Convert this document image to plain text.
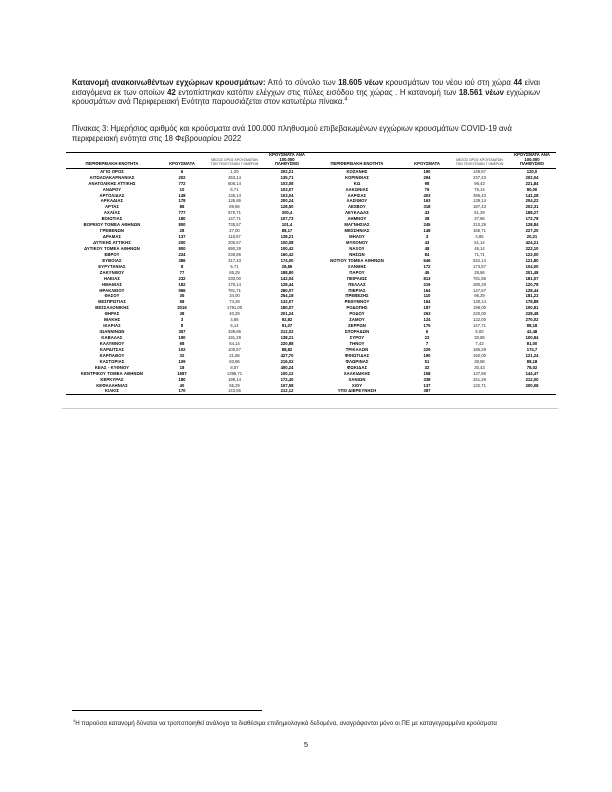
Κατανομή ανακοινωθέντων εγχώριων κρουσμάτων: Από το σύνολο των 18.605 νέων κρουσμάτων του νέου ιού στη χώρα 44 είναι εισαγόμενα εκ των οποίων 42 εντοπίστηκαν κατόπιν ελέγχων στις πύλες εισόδου της χώρας . Η κατανομή των 18.561 νέων εγχώριων κρουσμάτων ανά Περιφερειακή Ενότητα παρουσιάζεται στον κατωτέρω πίνακα.$^4$

Πίνακας 3: Ημερήσιος αριθμός και κρούσματα ανά 100.000 πληθυσμού επιβεβαιωμένων εγχώριων κρουσμάτων COVID-19 ανά περιφερειακή ενότητα στις 18 Φεβρουαρίου 2022

ΠΕΡΙΦΕΡΕΙΑΚΗ ΕΝΟΤΗΤΑ	ΚΡΟΥΣΜΑΤΑ	ΜΕΣΟΣ ΟΡΟΣ ΚΡΟΥΣΜΑΤΩΝ
ΤΩΝ ΤΕΛΕΥΤΑΙΩΝ 7 ΗΜΕΡΩΝ	ΚΡΟΥΣΜΑΤΑ ΑΝΑ 100.000
ΠΛΗΘΥΣΜΟ	ΠΕΡΙΦΕΡΕΙΑΚΗ ΕΝΟΤΗΤΑ	ΚΡΟΥΣΜΑΤΑ	ΜΕΣΟΣ ΟΡΟΣ ΚΡΟΥΣΜΑΤΩΝ
ΤΩΝ ΤΕΛΕΥΤΑΙΩΝ 7 ΗΜΕΡΩΝ	ΚΡΟΥΣΜΑΤΑ ΑΝΑ 100.000
ΠΛΗΘΥΣΜΟ
ΑΓΙΟ ΟΡΟΣ	6	1,29	202,21	ΚΟΖΑΝΗΣ	190	149,57	120,0
ΑΙΤΩΛΟΑΚΑΡΝΑΝΙΑΣ	202	263,14	135,71	ΚΟΡΙΝΘΙΑΣ	294	237,43	202,04
ΑΝΑΤΟΛΙΚΗΣ ΑΤΤΙΚΗΣ	772	608,14	103,08	ΚΩ	98	96,43	221,84
ΑΝΔΡΟΥ	10	6,71	103,07	ΛΑΚΩΝΙΑΣ	76	76,14	80,00
ΑΡΓΟΛΙΔΑΣ	148	135,14	103,04	ΛΑΡΙΣΑΣ	403	396,43	141,28
ΑΡΚΑΔΙΑΣ	178	136,86	200,24	ΛΑΣΙΘΙΟΥ	163	139,14	204,22
ΑΡΤΑΣ	88	89,86	128,50	ΛΕΣΒΟΥ	318	187,43	202,31
ΑΧΑΪΑΣ	777	676,71	200,4	ΛΕΥΚΑΔΑΣ	43	51,29	188,27
ΒΟΙΩΤΙΑΣ	180	147,71	107,73	ΛΗΜΝΟΥ	38	37,86	172,78
ΒΟΡΕΙΟΥ ΤΟΜΕΑ ΑΘΗΝΩΝ	800	735,57	101,4	ΜΑΓΝΗΣΙΑΣ	245	210,29	128,84
ΓΡΕΒΕΝΩΝ	28	27,00	88,17	ΜΕΣΣΗΝΙΑΣ	148	155,71	227,20
ΔΡΑΜΑΣ	137	118,57	138,21	ΜΗΛΟΥ	3	4,86	20,21
ΔΥΤΙΚΗΣ ΑΤΤΙΚΗΣ	200	205,57	100,08	ΜΥΚΟΝΟΥ	43	51,14	424,21
ΔΥΤΙΚΟΥ ΤΟΜΕΑ ΑΘΗΝΩΝ	800	690,29	100,42	ΝΑΞΟΥ	48	46,14	222,10
ΕΒΡΟΥ	224	238,86	160,42	ΝΗΣΩΝ	84	71,71	122,00
ΕΥΒΟΙΑΣ	386	317,43	174,00	ΝΟΤΙΟΥ ΤΟΜΕΑ ΑΘΗΝΩΝ	646	542,14	121,80
ΕΥΡΥΤΑΝΙΑΣ	8	5,71	28,86	ΞΑΝΘΗΣ	172	173,57	104,00
ΖΑΚΥΝΘΟΥ	77	65,29	188,80	ΠΑΡΟΥ	45	28,86	201,48
ΗΛΕΙΑΣ	232	230,00	142,04	ΠΕΙΡΑΙΩΣ	813	781,86	181,07
ΗΜΑΘΙΑΣ	182	178,14	128,44	ΠΕΛΛΑΣ	219	280,29	120,78
ΗΡΑΚΛΕΙΟΥ	986	781,71	280,07	ΠΙΕΡΙΑΣ	164	147,57	128,44
ΘΑΣΟΥ	35	34,00	254,18	ΠΡΕΒΕΖΗΣ	110	96,29	181,22
ΘΕΣΠΡΩΤΙΑΣ	58	74,29	132,07	ΡΕΘΥΜΝΟΥ	154	130,14	178,88
ΘΕΣΣΑΛΟΝΙΚΗΣ	2016	1781,00	180,07	ΡΟΔΟΠΗΣ	187	198,00	100,81
ΘΗΡΑΣ	38	40,29	201,24	ΡΟΔΟΥ	263	220,00	228,48
ΙΘΑΚΗΣ	3	4,86	92,82	ΣΑΜΟΥ	124	122,00	270,02
ΙΚΑΡΙΑΣ	8	5,14	91,07	ΣΕΡΡΩΝ	175	147,71	88,18
ΙΩΑΝΝΙΝΩΝ	357	339,86	212,02	ΣΠΟΡΑΔΩΝ	6	6,00	42,48
ΚΑΒΑΛΑΣ	190	191,29	138,21	ΣΥΡΟΥ	23	30,86	100,84
ΚΑΛΥΜΝΟΥ	68	64,14	220,88	ΤΗΝΟΥ	7	7,43	81,00
ΚΑΡΔΙΤΣΑΣ	102	100,57	88,82	ΤΡΙΚΑΛΩΝ	229	185,29	174,7
ΚΑΡΠΑΘΟΥ	32	21,86	427,70	ΦΘΙΩΤΙΔΑΣ	190	160,00	121,24
ΚΑΣΤΟΡΙΑΣ	109	83,86	216,02	ΦΛΩΡΙΝΑΣ	51	39,86	88,18
ΚΕΑΣ - ΚΥΘΝΟΥ	18	8,57	400,24	ΦΩΚΙΔΑΣ	32	30,43	78,02
ΚΕΝΤΡΙΚΟΥ ΤΟΜΕΑ ΑΘΗΝΩΝ	1587	1396,71	100,12	ΧΑΛΚΙΔΙΚΗΣ	158	137,86	144,47
ΚΕΡΚΥΡΑΣ	180	199,14	172,40	ΧΑΝΙΩΝ	338	341,29	212,00
ΚΕΦΑΛΛΗΝΙΑΣ	40	55,29	107,58	ΧΙΟΥ	137	132,71	200,08
ΚΙΛΚΙΣ	170	143,86	212,12	ΥΠΟ ΔΙΕΡΕΥΝΗΣΗ	387		

$^4$Η παρούσα κατανομή δύναται να τροποποιηθεί ανάλογα τα διαθέσιμα επιδημιολογικά δεδομένα, αναγράφονται μόνο οι ΠΕ με καταγεγραμμένα κρούσματα

5
